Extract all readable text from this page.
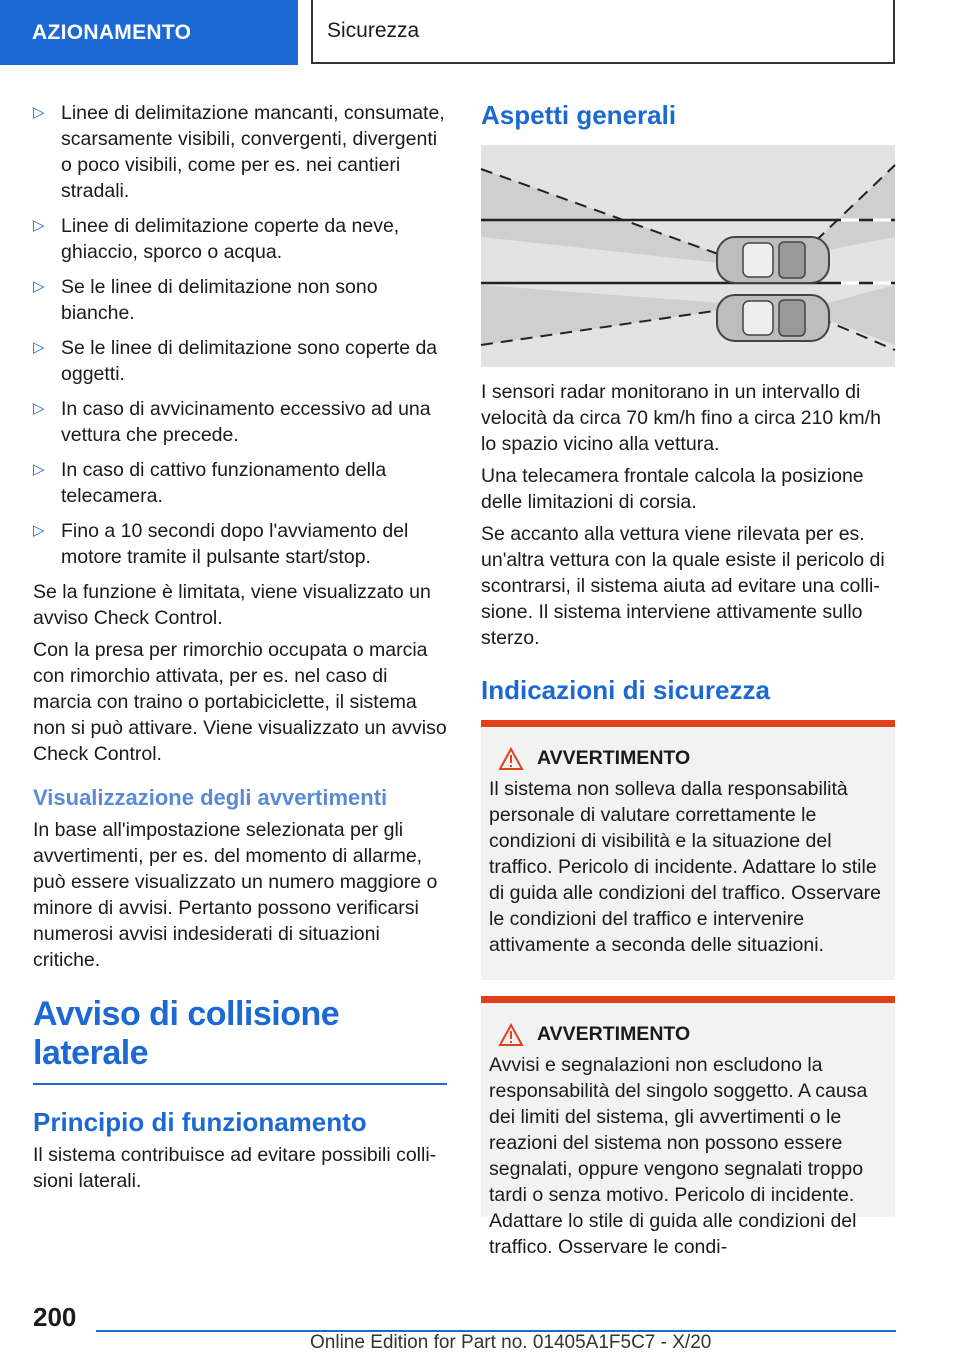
AZIONAMENTO	Sicurezza
▷ Linee di delimitazione mancanti, consumate, scarsamente visibili, convergenti, divergenti o poco visibili, come per es. nei cantieri stradali.
▷ Linee di delimitazione coperte da neve, ghiaccio, sporco o acqua.
▷ Se le linee di delimitazione non sono bianche.
▷ Se le linee di delimitazione sono coperte da oggetti.
▷ In caso di avvicinamento eccessivo ad una vettura che precede.
▷ In caso di cattivo funzionamento della telecamera.
▷ Fino a 10 secondi dopo l'avviamento del motore tramite il pulsante start/stop.

Se la funzione è limitata, viene visualizzato un avviso Check Control.

Con la presa per rimorchio occupata o marcia con rimorchio attivata, per es. nel caso di marcia con traino o portabiciclette, il sistema non si può attivare. Viene visualizzato un avviso Check Control.

Visualizzazione degli avvertimenti

In base all'impostazione selezionata per gli avvertimenti, per es. del momento di allarme, può essere visualizzato un numero maggiore o minore di avvisi. Pertanto possono verificarsi numerosi avvisi indesiderati di situazioni critiche.

Avviso di collisione laterale
Principio di funzionamento

Il sistema contribuisce ad evitare possibili collisioni laterali.

Aspetti generali

I sensori radar monitorano in un intervallo di velocità da circa 70 km/h fino a circa 210 km/h lo spazio vicino alla vettura.

Una telecamera frontale calcola la posizione delle limitazioni di corsia.

Se accanto alla vettura viene rilevata per es. un'altra vettura con la quale esiste il pericolo di scontrarsi, il sistema aiuta ad evitare una collisione. Il sistema interviene attivamente sullo sterzo.

Indicazioni di sicurezza
AVVERTIMENTO

Il sistema non solleva dalla responsabilità personale di valutare correttamente le condizioni di visibilità e la situazione del traffico. Pericolo di incidente. Adattare lo stile di guida alle condizioni del traffico. Osservare le condizioni del traffico e intervenire attivamente a seconda delle situazioni.

AVVERTIMENTO

Avvisi e segnalazioni non escludono la responsabilità del singolo soggetto. A causa dei limiti del sistema, gli avvertimenti o le reazioni del sistema non possono essere segnalati, oppure vengono segnalati troppo tardi o senza motivo. Pericolo di incidente. Adattare lo stile di guida alle condizioni del traffico. Osservare le condi-

200
Online Edition for Part no. 01405A1F5C7 - X/20
